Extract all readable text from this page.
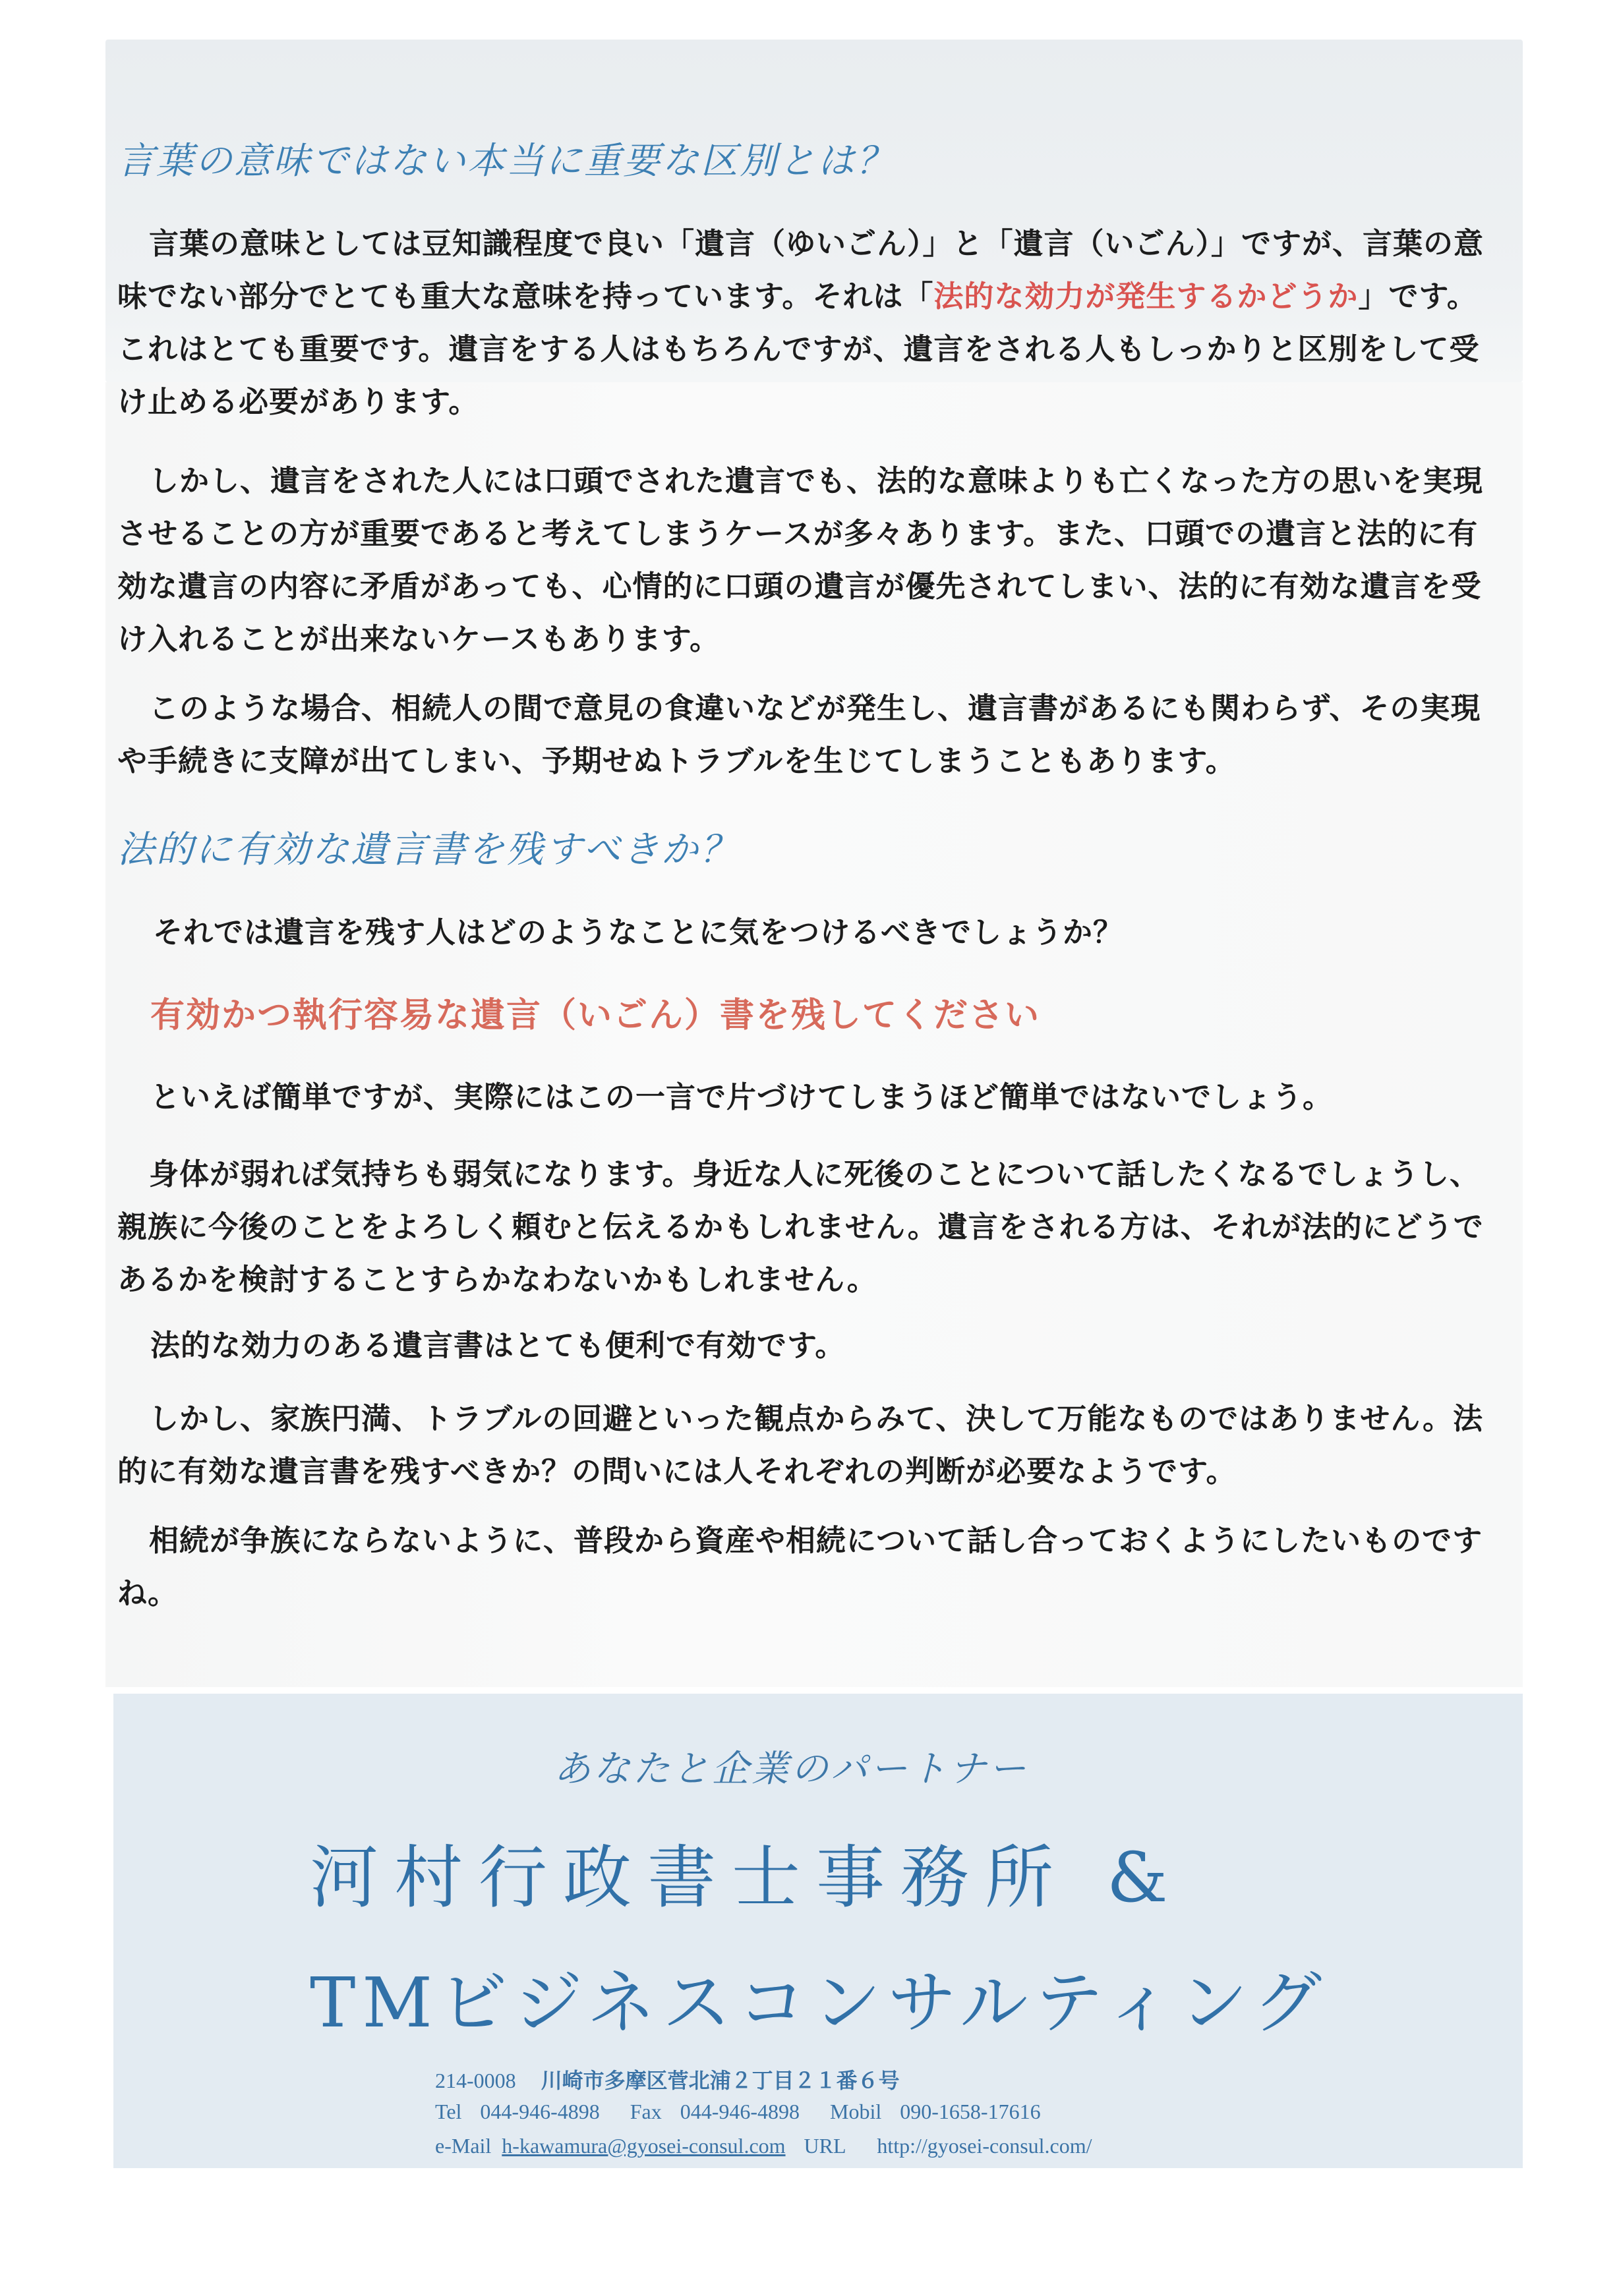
言葉の意味ではない本当に重要な区別とは？

言葉の意味としては豆知識程度で良い「遺言（ゆいごん）」と「遺言（いごん）」ですが、言葉の意味でない部分でとても重大な意味を持っています。それは「法的な効力が発生するかどうか」です。これはとても重要です。遺言をする人はもちろんですが、遺言をされる人もしっかりと区別をして受け止める必要があります。

しかし、遺言をされた人には口頭でされた遺言でも、法的な意味よりも亡くなった方の思いを実現させることの方が重要であると考えてしまうケースが多々あります。また、口頭での遺言と法的に有効な遺言の内容に矛盾があっても、心情的に口頭の遺言が優先されてしまい、法的に有効な遺言を受け入れることが出来ないケースもあります。

このような場合、相続人の間で意見の食違いなどが発生し、遺言書があるにも関わらず、その実現や手続きに支障が出てしまい、予期せぬトラブルを生じてしまうこともあります。

法的に有効な遺言書を残すべきか？
それでは遺言を残す人はどのようなことに気をつけるべきでしょうか？
有効かつ執行容易な遺言（いごん）書を残してください
といえば簡単ですが、実際にはこの一言で片づけてしまうほど簡単ではないでしょう。

身体が弱れば気持ちも弱気になります。身近な人に死後のことについて話したくなるでしょうし、親族に今後のことをよろしく頼むと伝えるかもしれません。遺言をされる方は、それが法的にどうであるかを検討することすらかなわないかもしれません。

法的な効力のある遺言書はとても便利で有効です。

しかし、家族円満、トラブルの回避といった観点からみて、決して万能なものではありません。法的に有効な遺言書を残すべきか？の問いには人それぞれの判断が必要なようです。

相続が争族にならないように、普段から資産や相続について話し合っておくようにしたいものですね。

あなたと企業のパートナー
河村行政書士事務所 &
TMビジネスコンサルティング
214-0008 川崎市多摩区菅北浦２丁目２１番６号
Tel 044-946-4898 Fax 044-946-4898 Mobil 090-1658-17616
e-Mail h-kawamura@gyosei-consul.com URL http://gyosei-consul.com/
